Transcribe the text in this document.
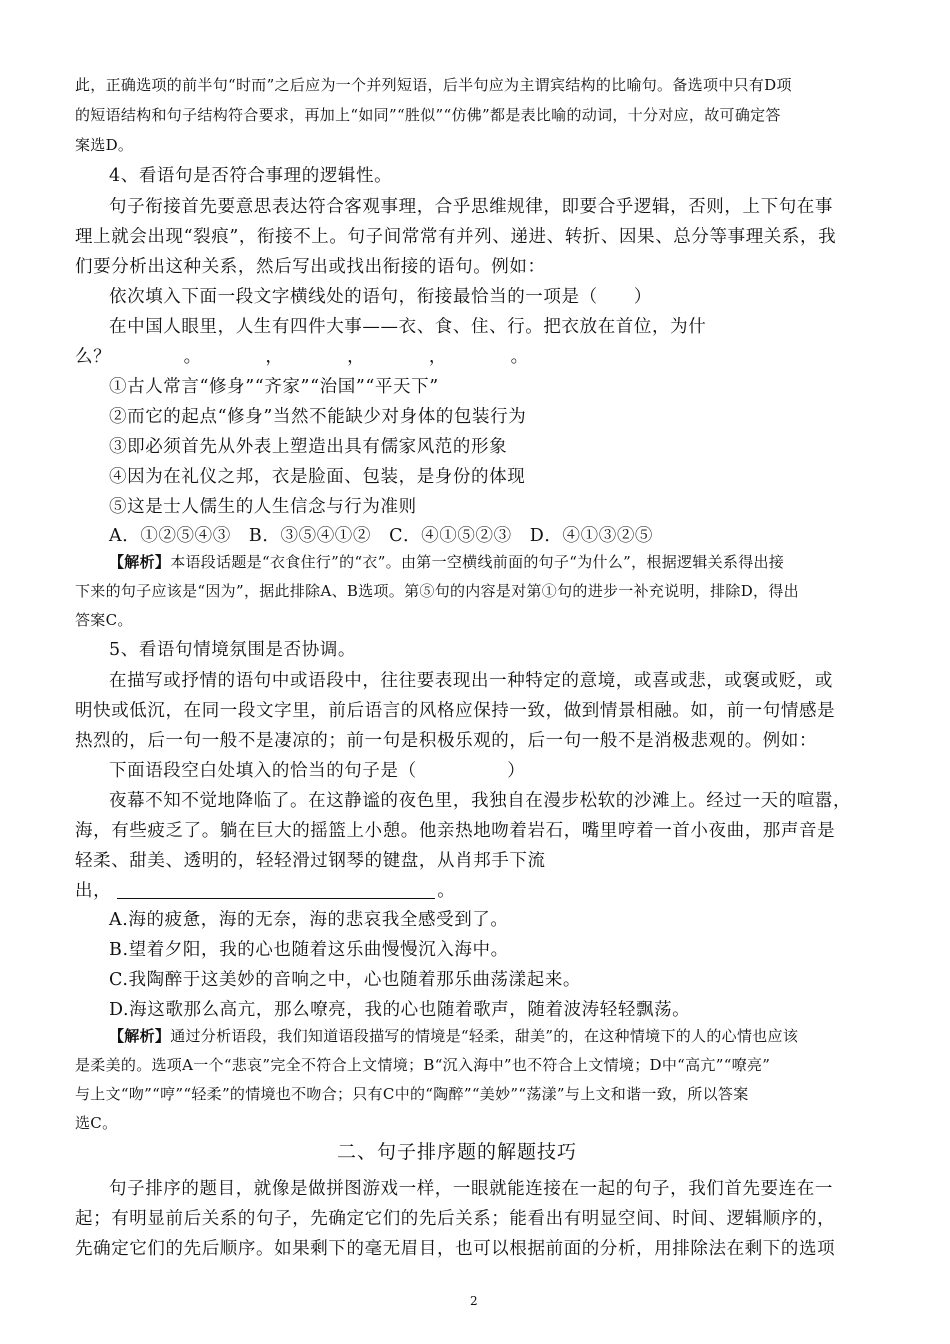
此，正确选项的前半句“时而”之后应为一个并列短语，后半句应为主谓宾结构的比喻句。备选项中只有D项
的短语结构和句子结构符合要求，再加上“如同”“胜似”“仿佛”都是表比喻的动词，十分对应，故可确定答
案选D。
4、看语句是否符合事理的逻辑性。
句子衔接首先要意思表达符合客观事理，合乎思维规律，即要合乎逻辑，否则，上下句在事
理上就会出现“裂痕”，衔接不上。句子间常常有并列、递进、转折、因果、总分等事理关系，我
们要分析出这种关系，然后写出或找出衔接的语句。例如：
依次填入下面一段文字横线处的语句，衔接最恰当的一项是（　　）
在中国人眼里，人生有四件大事——衣、食、住、行。把衣放在首位，为什
么？　　　　。　　　　，　　　　，　　　　，　　　　。
①古人常言“修身”“齐家”“治国”“平天下”
②而它的起点“修身”当然不能缺少对身体的包装行为
③即必须首先从外表上塑造出具有儒家风范的形象
④因为在礼仪之邦，衣是脸面、包装，是身份的体现
⑤这是士人儒生的人生信念与行为准则
A．①②⑤④③　B．③⑤④①②　C．④①⑤②③　D．④①③②⑤
【解析】本语段话题是“衣食住行”的“衣”。由第一空横线前面的句子“为什么”，根据逻辑关系得出接
下来的句子应该是“因为”，据此排除A、B选项。第⑤句的内容是对第①句的进步一补充说明，排除D，得出
答案C。
5、看语句情境氛围是否协调。
在描写或抒情的语句中或语段中，往往要表现出一种特定的意境，或喜或悲，或褒或贬，或
明快或低沉，在同一段文字里，前后语言的风格应保持一致，做到情景相融。如，前一句情感是
热烈的，后一句一般不是凄凉的；前一句是积极乐观的，后一句一般不是消极悲观的。例如：
下面语段空白处填入的恰当的句子是（　　　　　）
夜幕不知不觉地降临了。在这静谧的夜色里，我独自在漫步松软的沙滩上。经过一天的喧嚣，
海，有些疲乏了。躺在巨大的摇篮上小憩。他亲热地吻着岩石，嘴里哼着一首小夜曲，那声音是
轻柔、甜美、透明的，轻轻滑过钢琴的键盘，从肖邦手下流
出，	。
A.海的疲惫，海的无奈，海的悲哀我全感受到了。
B.望着夕阳，我的心也随着这乐曲慢慢沉入海中。
C.我陶醉于这美妙的音响之中，心也随着那乐曲荡漾起来。
D.海这歌那么高亢，那么嘹亮，我的心也随着歌声，随着波涛轻轻飘荡。
【解析】通过分析语段，我们知道语段描写的情境是“轻柔，甜美”的，在这种情境下的人的心情也应该
是柔美的。选项A一个“悲哀”完全不符合上文情境；B“沉入海中”也不符合上文情境；D中“高亢”“嘹亮”
与上文“吻”“哼”“轻柔”的情境也不吻合；只有C中的“陶醉”“美妙”“荡漾”与上文和谐一致，所以答案
选C。
句子排序的题目，就像是做拼图游戏一样，一眼就能连接在一起的句子，我们首先要连在一
起；有明显前后关系的句子，先确定它们的先后关系；能看出有明显空间、时间、逻辑顺序的，
先确定它们的先后顺序。如果剩下的毫无眉目，也可以根据前面的分析，用排除法在剩下的选项
二、句子排序题的解题技巧
2
